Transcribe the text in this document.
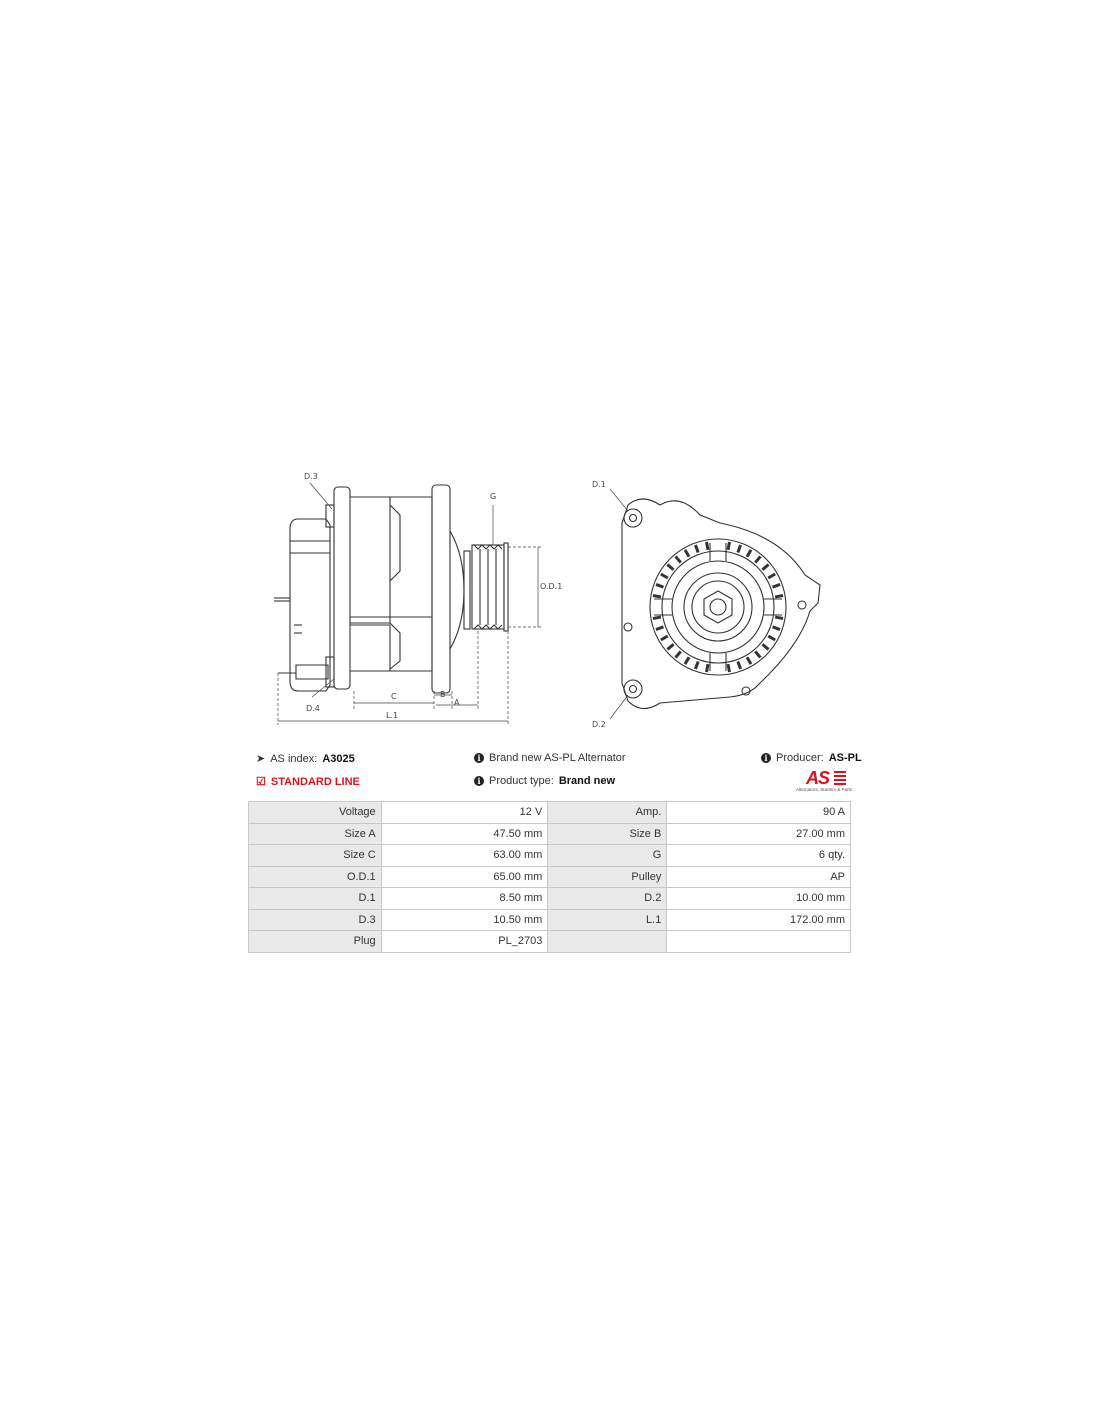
D.3
D.4
G
O.D.1
C	B
A
L.1
D.1
D.2
➤ AS index: A3025	i Brand new AS-PL Alternator	i Producer: AS-PL
☑ STANDARD LINE	i Product type: Brand new	AS
Alternators, Starters & Parts
Voltage	12 V	Amp.	90 A
Size A	47.50 mm	Size B	27.00 mm
Size C	63.00 mm	G	6 qty.
O.D.1	65.00 mm	Pulley	AP
D.1	8.50 mm	D.2	10.00 mm
D.3	10.50 mm	L.1	172.00 mm
Plug	PL_2703		
